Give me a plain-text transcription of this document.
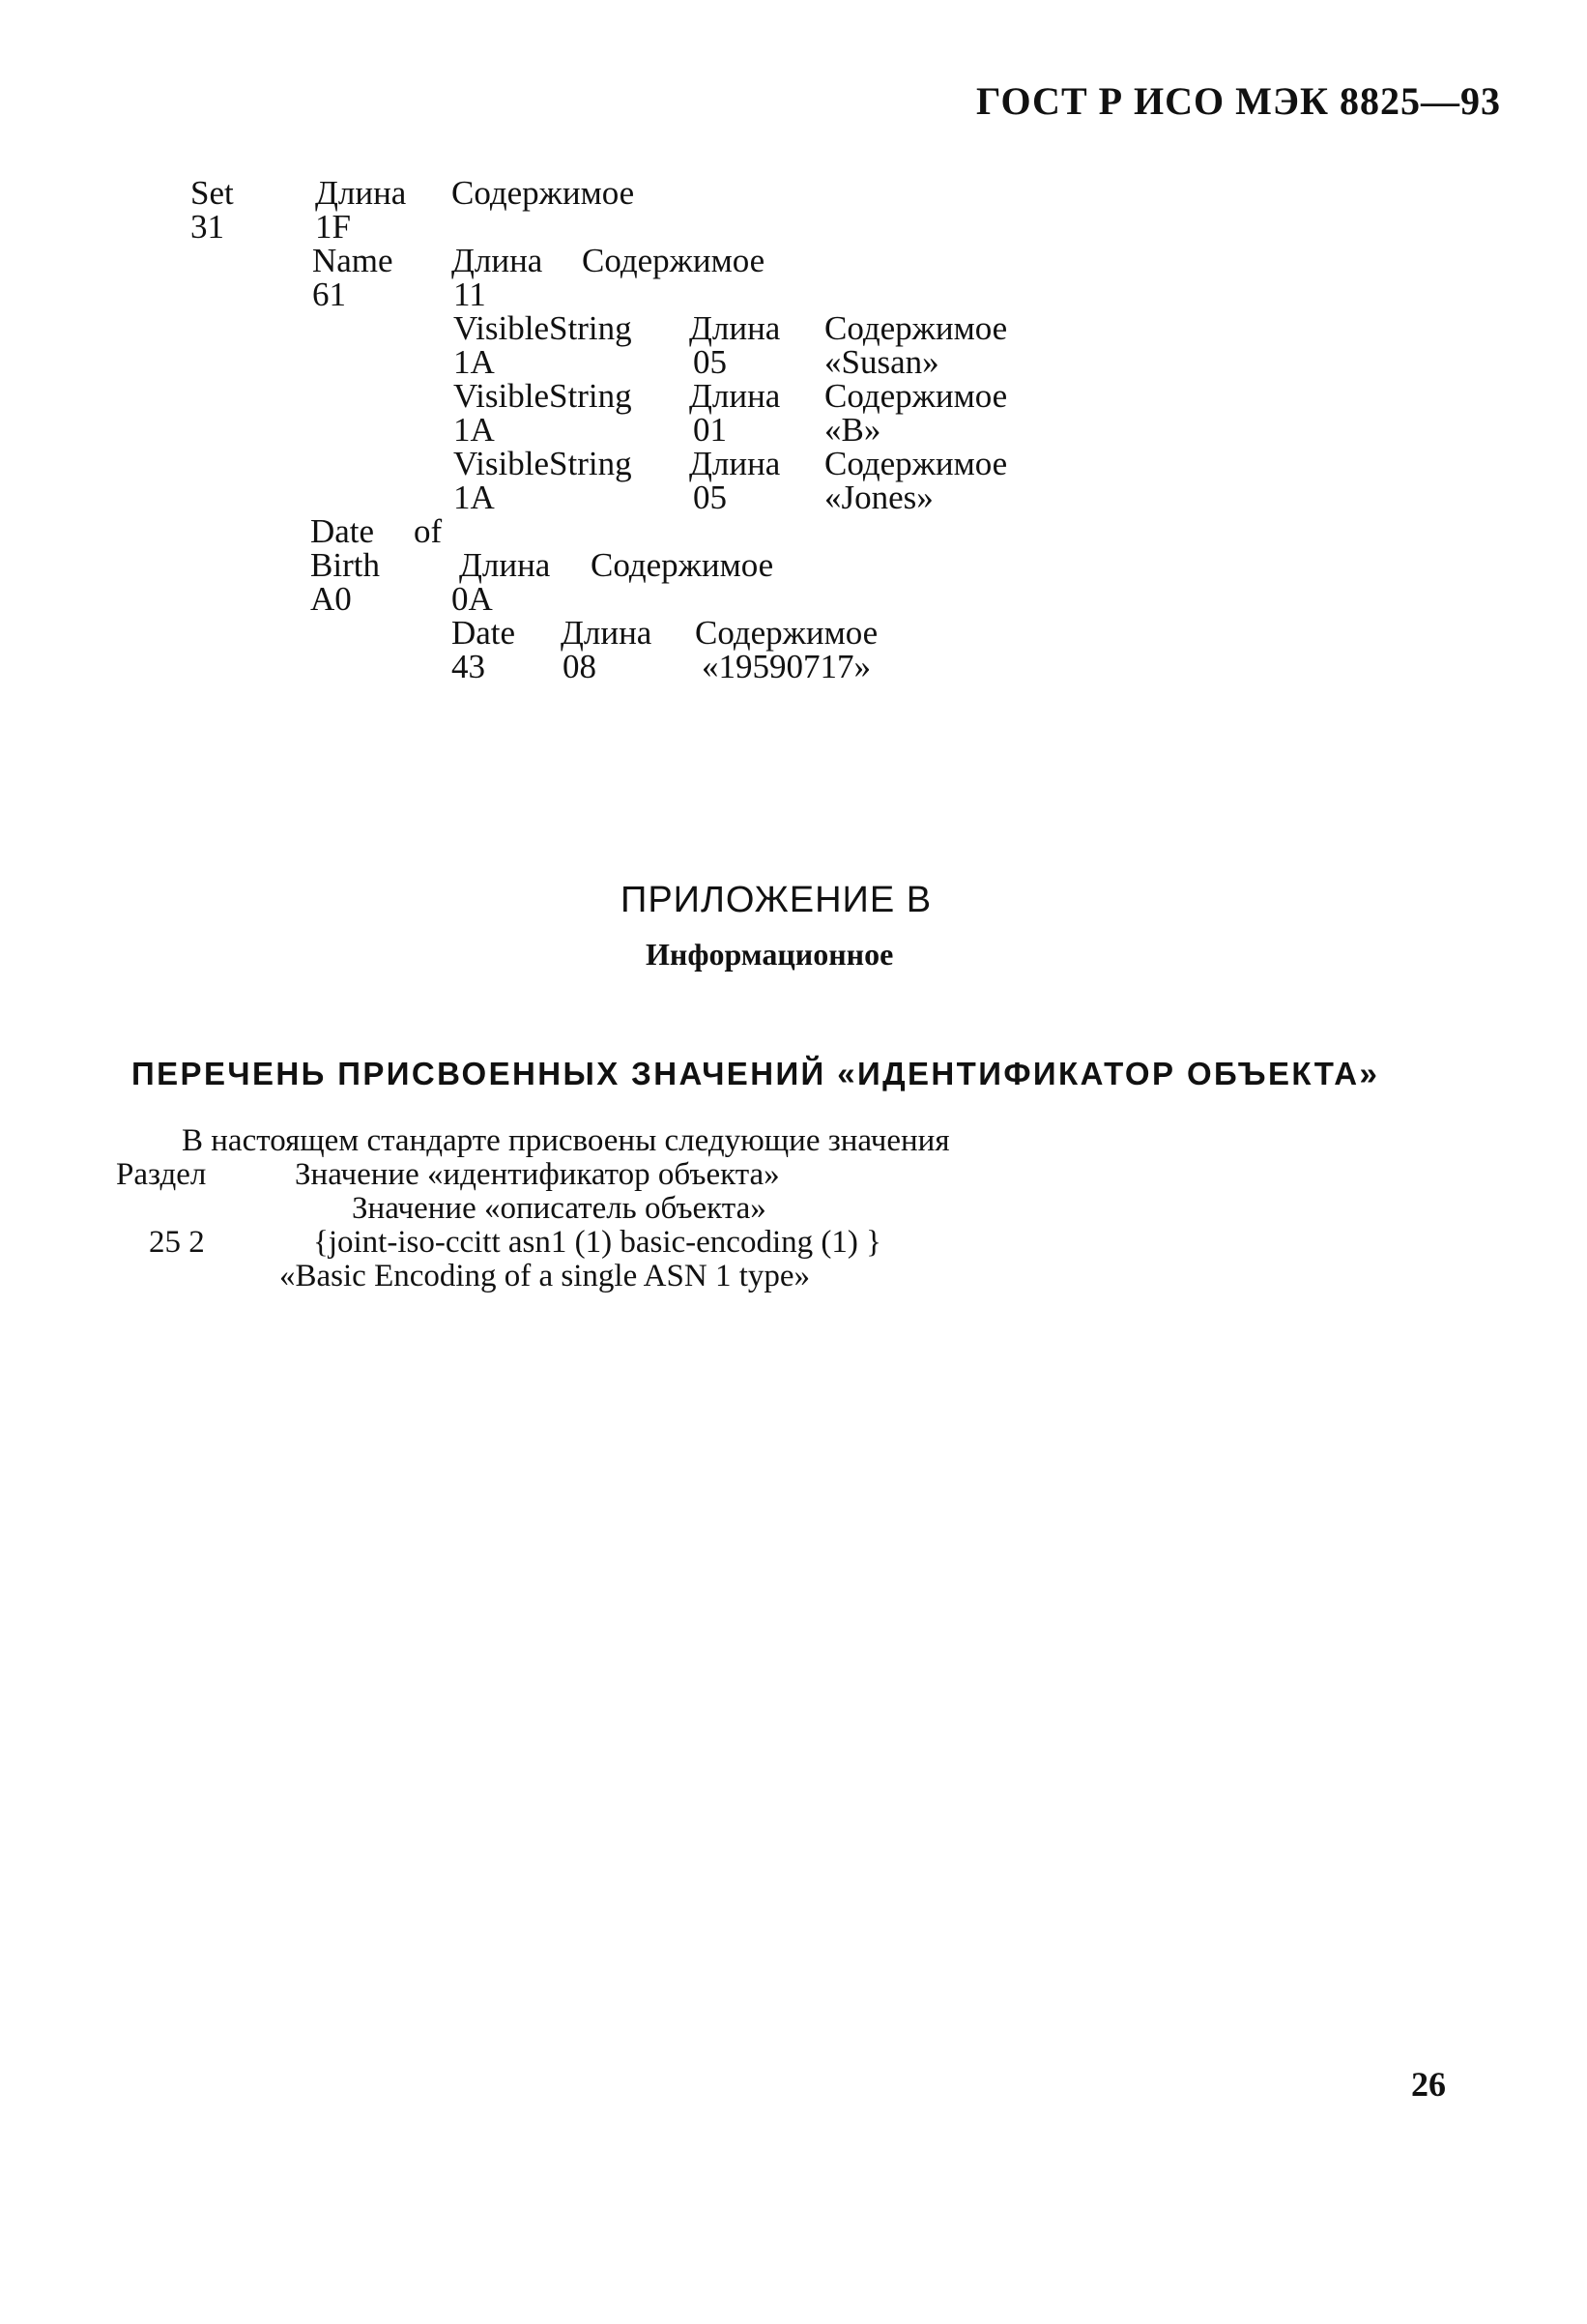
ГОСТ Р ИСО МЭК 8825—93
Set Длина Содержимое
31	1F
Name Длина Содержимое
61	11
VisibleString Длина Содержимое
1A	05	«Susan»
VisibleString Длина Содержимое
1A	01	«B»
VisibleString Длина Содержимое
1A	05	«Jones»
Date of
Birth Длина Содержимое
A0	0A
Date Длина Содержимое
43 08	«19590717»
ПРИЛОЖЕНИЕ В
Информационное
ПЕРЕЧЕНЬ ПРИСВОЕННЫХ ЗНАЧЕНИЙ «ИДЕНТИФИКАТОР ОБЪЕКТА»
В настоящем стандарте присвоены следующие значения
Раздел	Значение «идентификатор объекта»
Значение «описатель объекта»
25 2	{joint-iso-ccitt asn1 (1) basic-encoding (1) }
«Basic Encoding of a single ASN 1 type»
26
